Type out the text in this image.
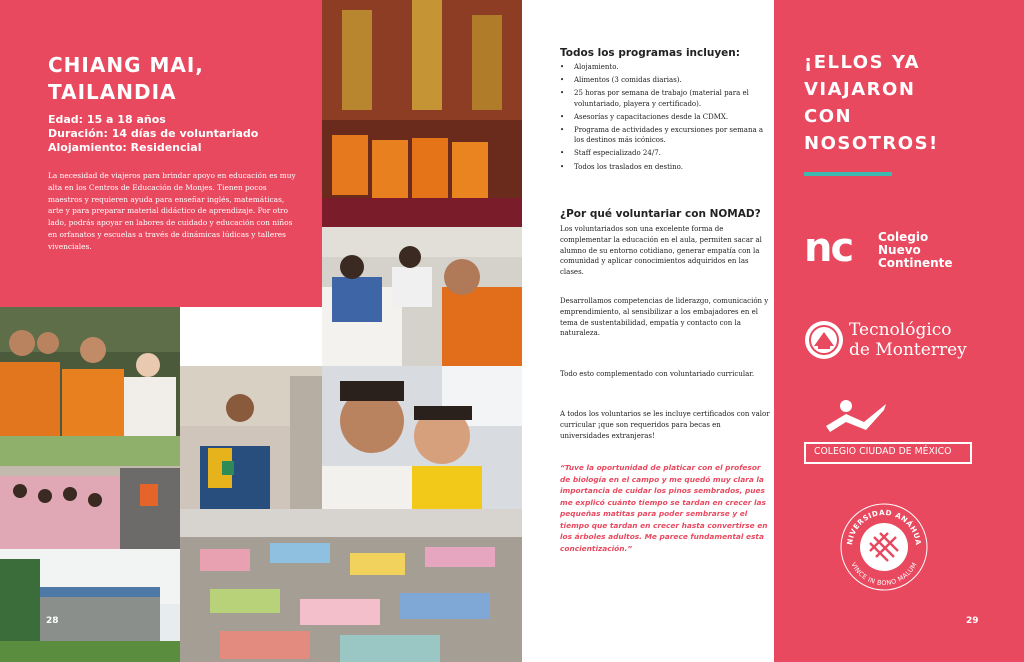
CHIANG MAI,
TAILANDIA
Edad: 15 a 18 años
Duración: 14 días de voluntariado
Alojamiento: Residencial
La necesidad de viajeros para brindar apoyo en educación es muy alta en los Centros de Educación de Monjes. Tienen pocos maestros y requieren ayuda para enseñar inglés, matemáticas, arte y para preparar material didáctico de aprendizaje. Por otro lado, podrás apoyar en labores de cuidado y educación con niños en orfanatos y escuelas a través de dinámicas lúdicas y talleres vivenciales.
28
Todos los programas incluyen:
• Alojamiento.
• Alimentos (3 comidas diarias).
• 25 horas por semana de trabajo (material para el voluntariado, playera y certificado).
• Asesorías y capacitaciones desde la CDMX.
• Programa de actividades y excursiones por semana a los destinos más icónicos.
• Staff especializado 24/7.
• Todos los traslados en destino.
¿Por qué voluntariar con NOMAD?

Los voluntariados son una excelente forma de complementar la educación en el aula, permiten sacar al alumno de su entorno cotidiano, generar empatía con la comunidad y aplicar conocimientos adquiridos en las clases.

Desarrollamos competencias de liderazgo, comunicación y emprendimiento, al sensibilizar a los embajadores en el tema de sustentabilidad, empatía y contacto con la naturaleza.

Todo esto complementado con voluntariado curricular.

A todos los voluntarios se les incluye certificados con valor curricular ¡que son requeridos para becas en universidades extranjeras!

“Tuve la oportunidad de platicar con el profesor de biología en el campo y me quedó muy clara la importancia de cuidar los pinos sembrados, pues me explicó cuánto tiempo se tardan en crecer las pequeñas matitas para poder sembrarse y el tiempo que tardan en crecer hasta convertirse en los árboles adultos. Me parece fundamental esta concientización.”
¡ELLOS YA
VIAJARON
CON
NOSOTROS!
nc Colegio
Nuevo
Continente
Tecnológico
de Monterrey
COLEGIO CIUDAD DE MÉXICO
NIVERSIDAD ANÁHUA
VINCE IN BONO MALUM
29
